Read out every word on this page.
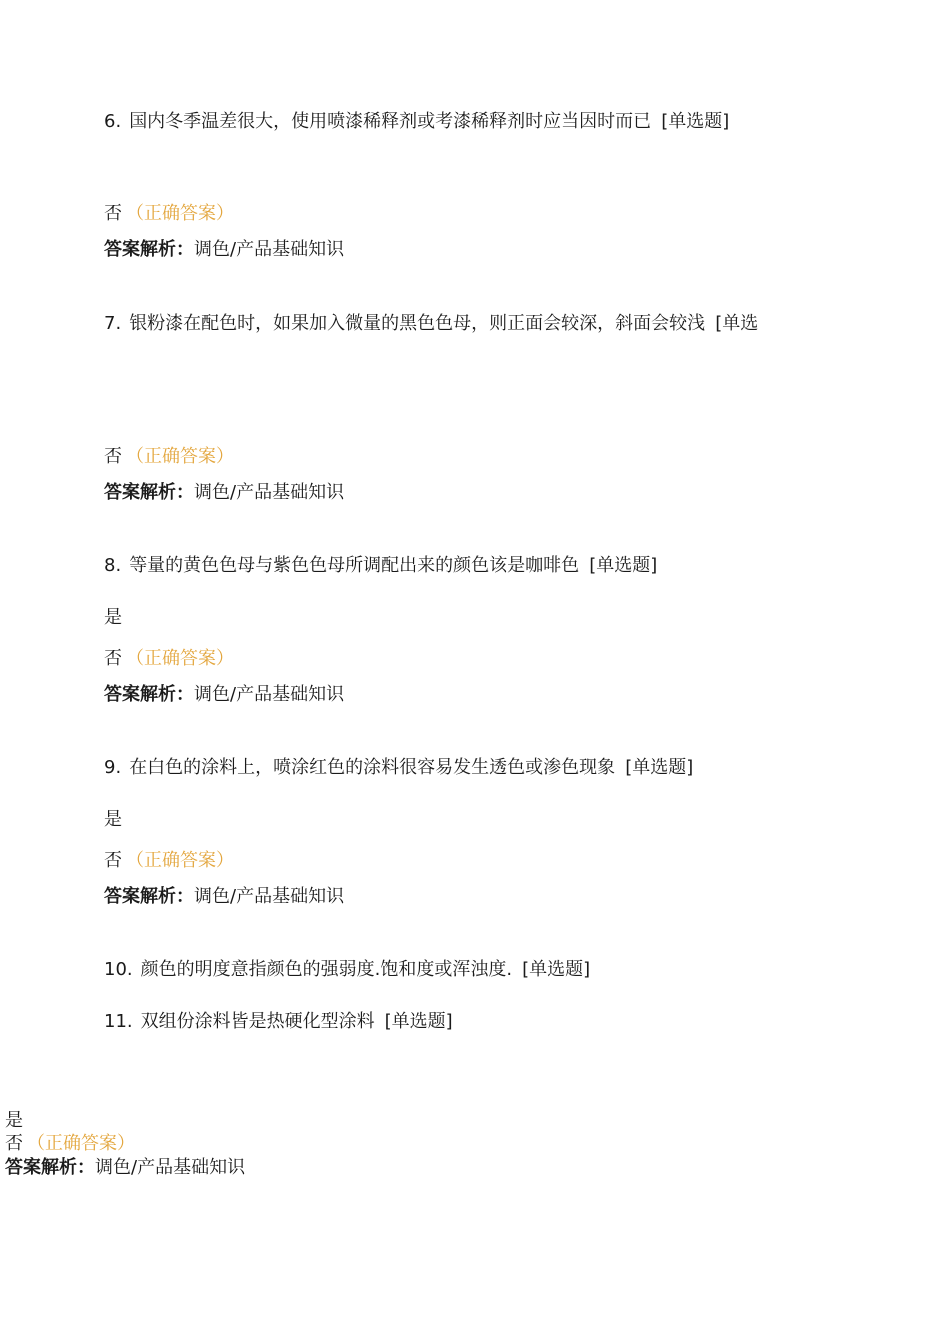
6. 国内冬季温差很大，使用喷漆稀释剂或考漆稀释剂时应当因时而已 [单选题]
否 （正确答案）
答案解析：调色/产品基础知识
7. 银粉漆在配色时，如果加入微量的黑色色母，则正面会较深，斜面会较浅 [单选
否 （正确答案）
答案解析：调色/产品基础知识
8. 等量的黄色色母与紫色色母所调配出来的颜色该是咖啡色 [单选题]
是
否 （正确答案）
答案解析：调色/产品基础知识
9. 在白色的涂料上，喷涂红色的涂料很容易发生透色或渗色现象 [单选题]
是
否 （正确答案）
答案解析：调色/产品基础知识
10. 颜色的明度意指颜色的强弱度.饱和度或浑浊度. [单选题]
11. 双组份涂料皆是热硬化型涂料 [单选题]
是
否 （正确答案）
答案解析：调色/产品基础知识
